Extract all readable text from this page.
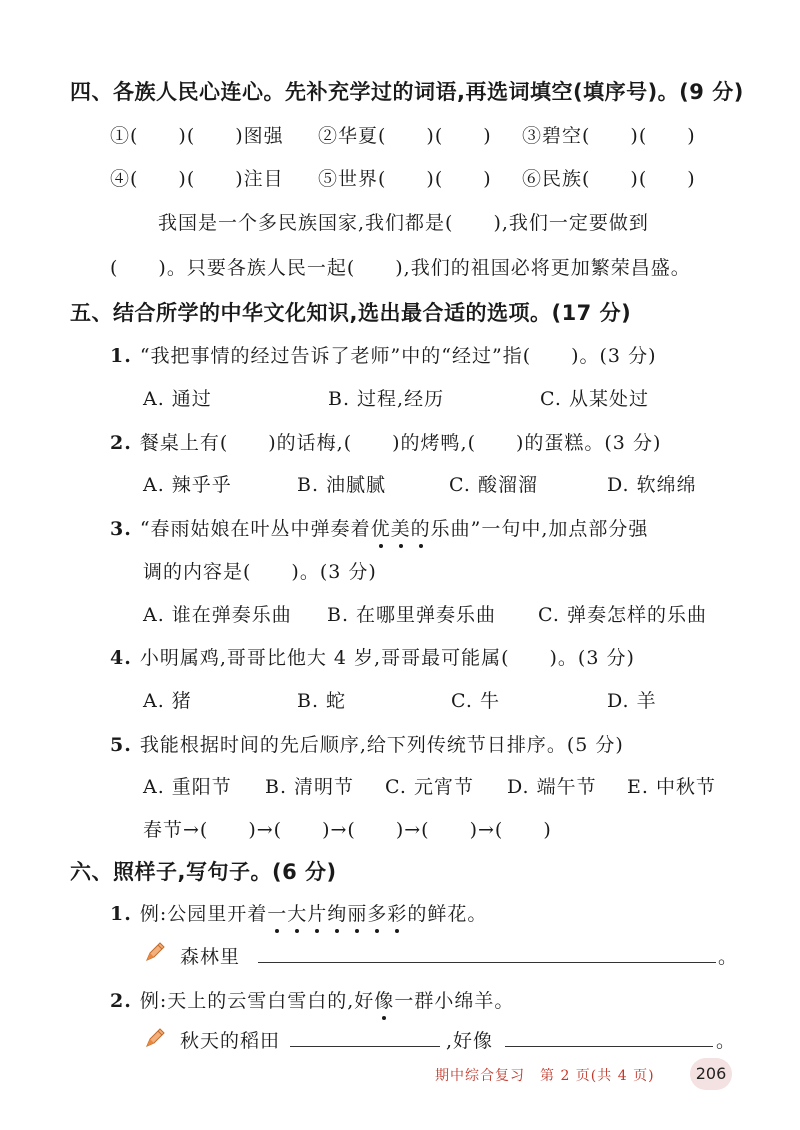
四、各族人民心连心。先补充学过的词语,再选词填空(填序号)。(9 分)
①(　　)(　　)图强 ②华夏(　　)(　　) ③碧空(　　)(　　)
④(　　)(　　)注目 ⑤世界(　　)(　　) ⑥民族(　　)(　　)
我国是一个多民族国家,我们都是(　　),我们一定要做到
(　　)。只要各族人民一起(　　),我们的祖国必将更加繁荣昌盛。
五、结合所学的中华文化知识,选出最合适的选项。(17 分)
1. “我把事情的经过告诉了老师”中的“经过”指(　　)。(3 分)
A. 通过	B. 过程,经历	C. 从某处过
2. 餐桌上有(　　)的话梅,(　　)的烤鸭,(　　)的蛋糕。(3 分)
A. 辣乎乎	B. 油腻腻	C. 酸溜溜	D. 软绵绵
3. “春雨姑娘在叶丛中弹奏着优美的乐曲”一句中,加点部分强
调的内容是(　　)。(3 分)
A. 谁在弹奏乐曲 B. 在哪里弹奏乐曲 C. 弹奏怎样的乐曲
4. 小明属鸡,哥哥比他大 4 岁,哥哥最可能属(　　)。(3 分)
A. 猪	B. 蛇	C. 牛	D. 羊
5. 我能根据时间的先后顺序,给下列传统节日排序。(5 分)
A. 重阳节 B. 清明节 C. 元宵节 D. 端午节 E. 中秋节
春节→(　　)→(　　)→(　　)→(　　)→(　　)
六、照样子,写句子。(6 分)
1. 例:公园里开着一大片绚丽多彩的鲜花。
森林里	。
2. 例:天上的云雪白雪白的,好像一群小绵羊。
秋天的稻田	,好像	。
期中综合复习　第 2 页(共 4 页)	206
